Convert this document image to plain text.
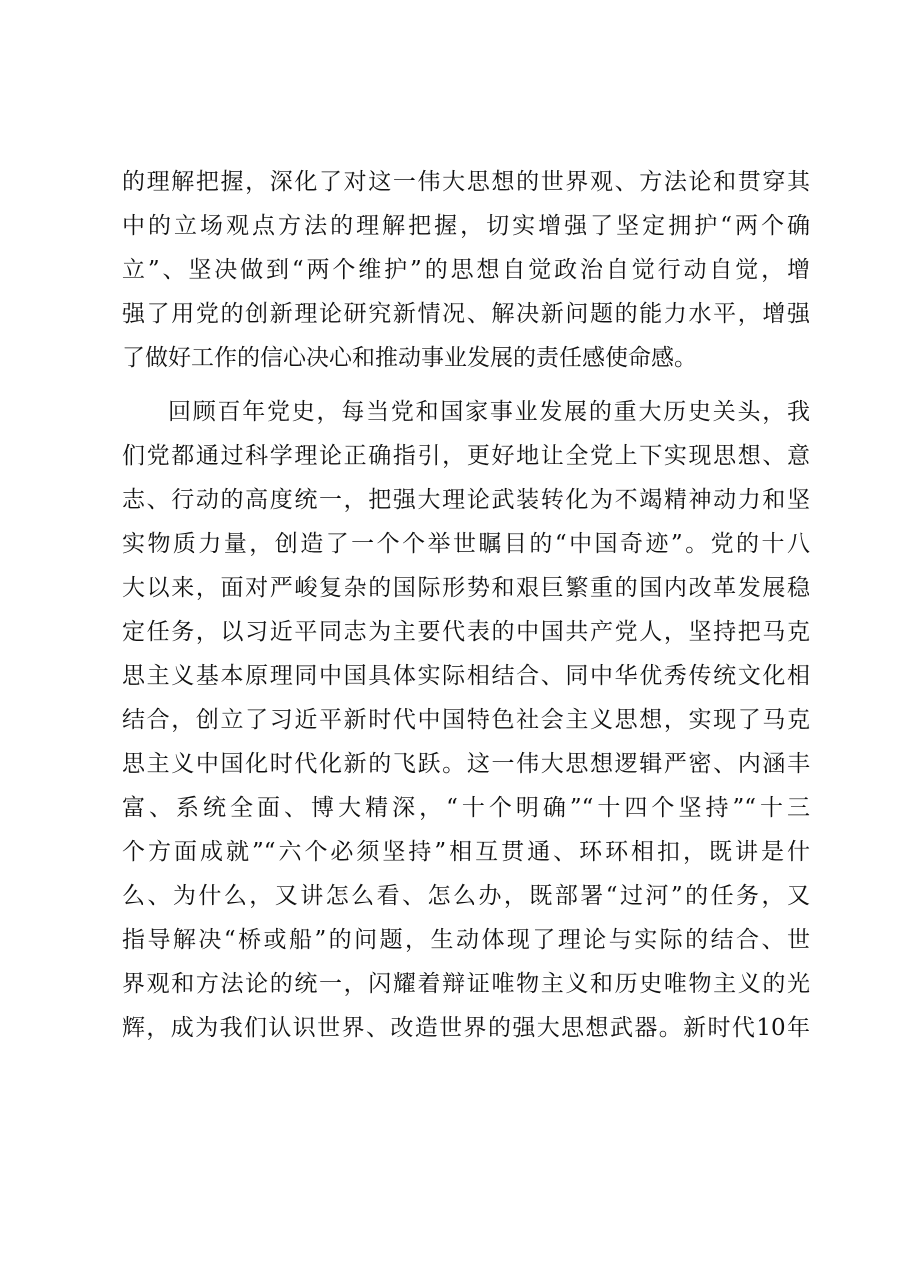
的理解把握，深化了对这一伟大思想的世界观、方法论和贯穿其
中的立场观点方法的理解把握，切实增强了坚定拥护“两个确
立”、坚决做到“两个维护”的思想自觉政治自觉行动自觉，增
强了用党的创新理论研究新情况、解决新问题的能力水平，增强
了做好工作的信心决心和推动事业发展的责任感使命感。
回顾百年党史，每当党和国家事业发展的重大历史关头，我
们党都通过科学理论正确指引，更好地让全党上下实现思想、意
志、行动的高度统一，把强大理论武装转化为不竭精神动力和坚
实物质力量，创造了一个个举世瞩目的“中国奇迹”。党的十八
大以来，面对严峻复杂的国际形势和艰巨繁重的国内改革发展稳
定任务，以习近平同志为主要代表的中国共产党人，坚持把马克
思主义基本原理同中国具体实际相结合、同中华优秀传统文化相
结合，创立了习近平新时代中国特色社会主义思想，实现了马克
思主义中国化时代化新的飞跃。这一伟大思想逻辑严密、内涵丰
富、系统全面、博大精深，“十个明确”“十四个坚持”“十三
个方面成就”“六个必须坚持”相互贯通、环环相扣，既讲是什
么、为什么，又讲怎么看、怎么办，既部署“过河”的任务，又
指导解决“桥或船”的问题，生动体现了理论与实际的结合、世
界观和方法论的统一，闪耀着辩证唯物主义和历史唯物主义的光
辉，成为我们认识世界、改造世界的强大思想武器。新时代10年
